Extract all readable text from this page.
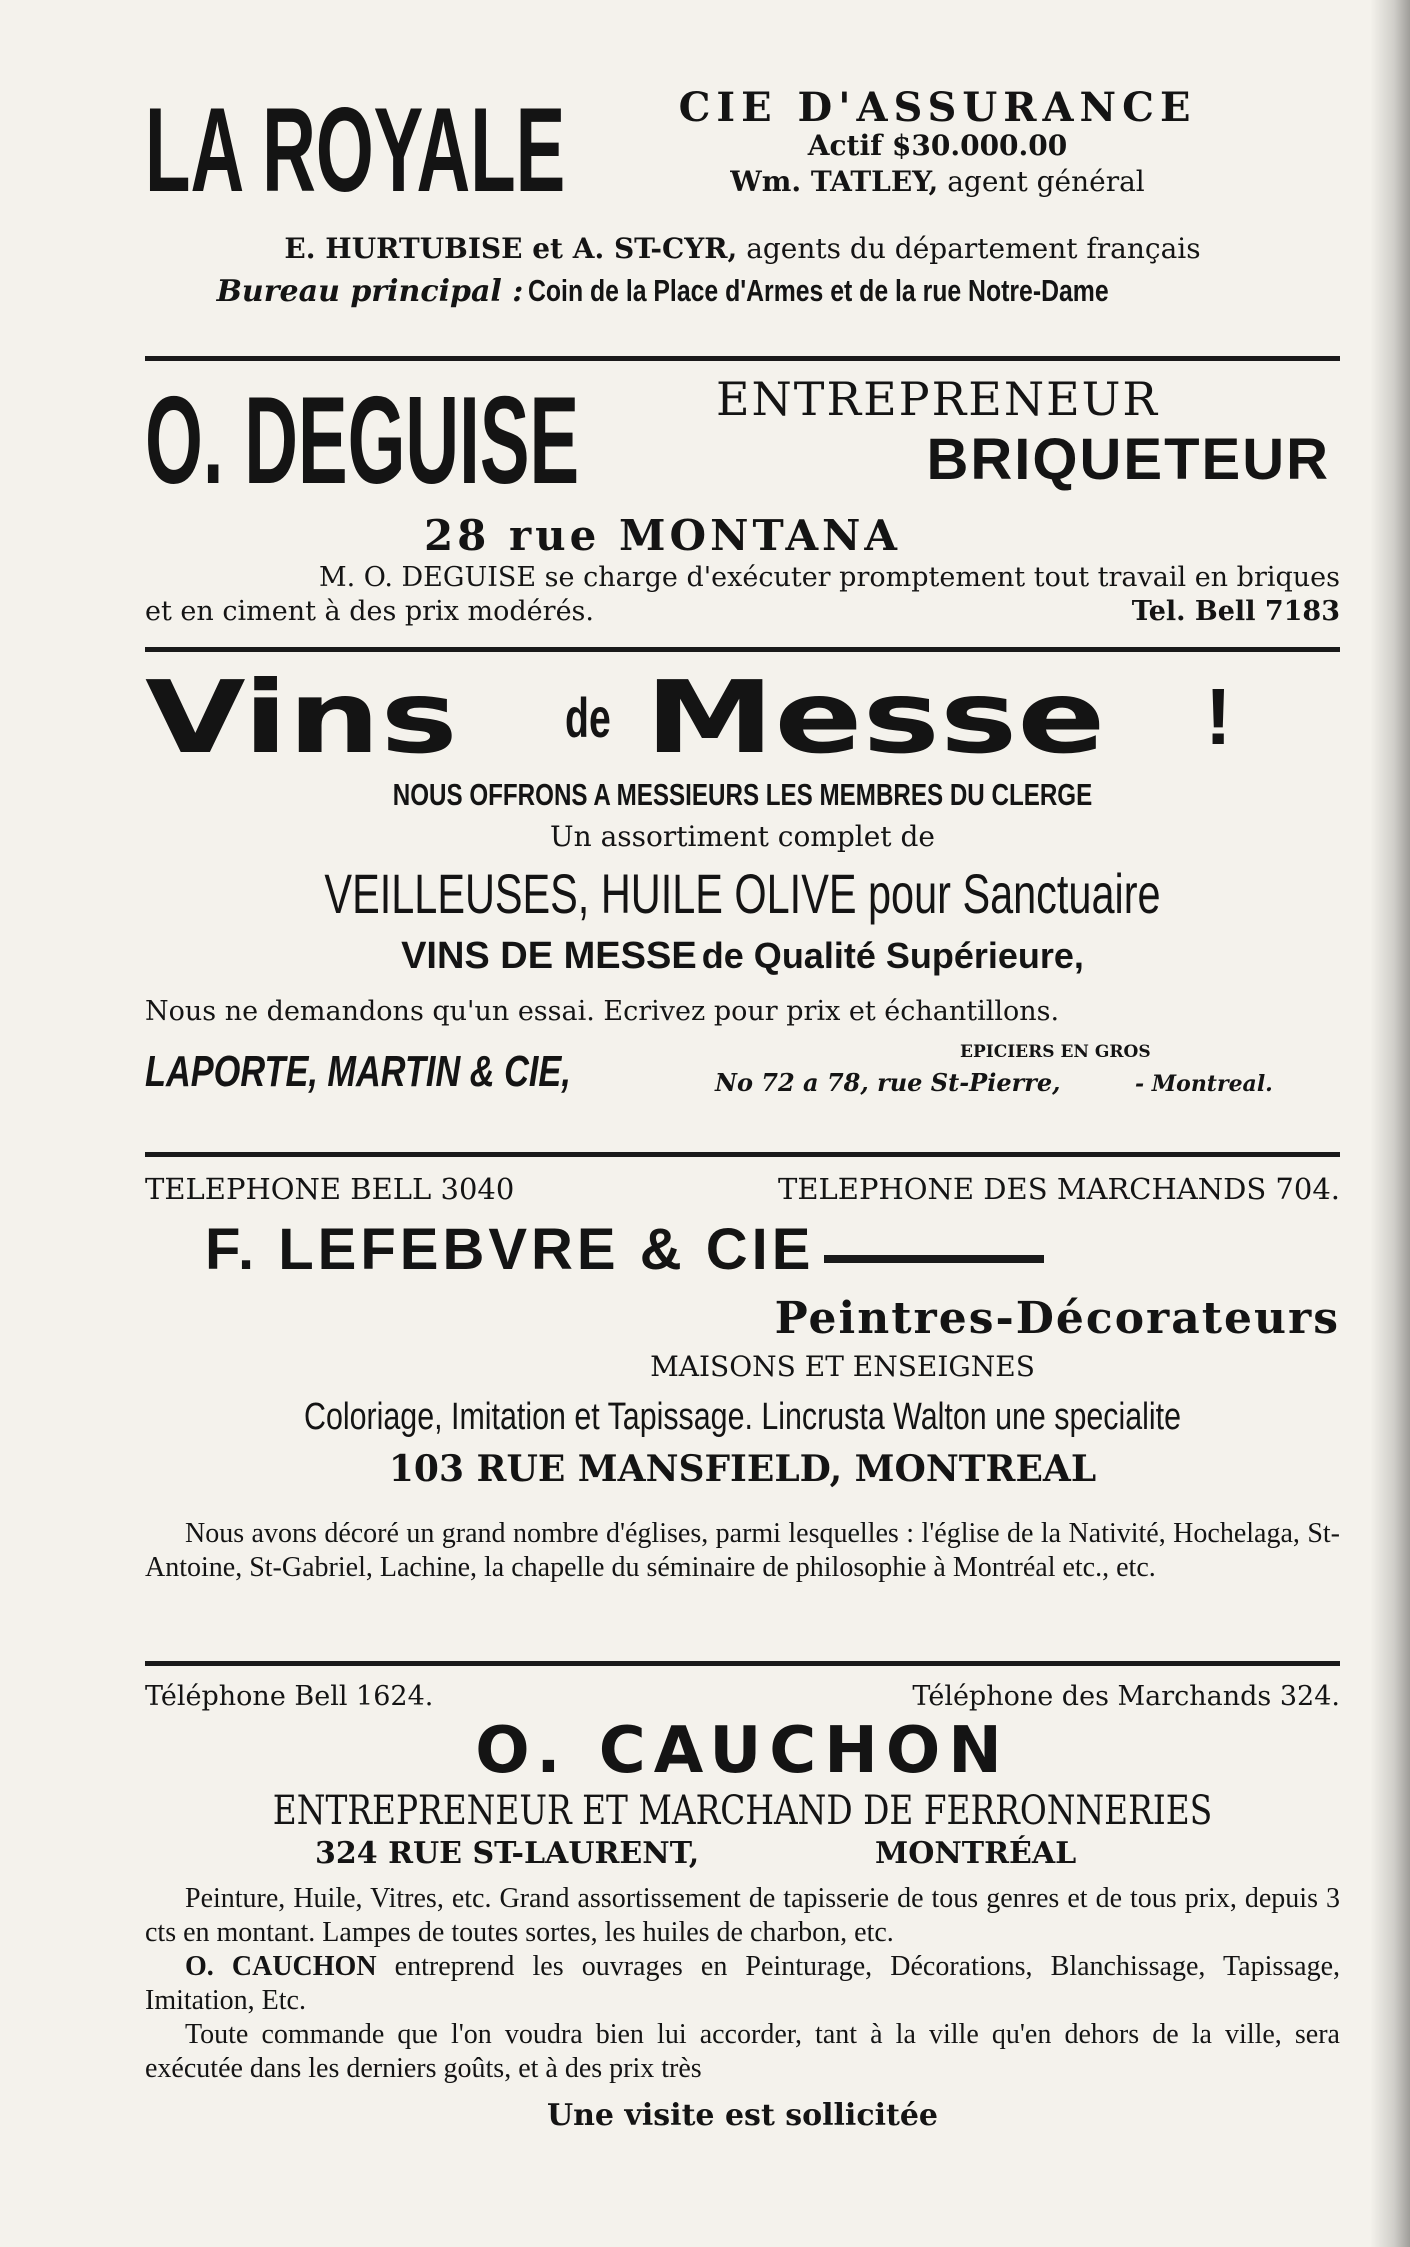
LA ROYALE	CIE D'ASSURANCE
Actif $30.000.00
Wm. TATLEY, agent général
E. HURTUBISE et A. ST-CYR, agents du département français
Bureau principal : Coin de la Place d'Armes et de la rue Notre-Dame
O. DEGUISE	ENTREPRENEUR
BRIQUETEUR
28 rue MONTANA
M. O. DEGUISE se charge d'exécuter promptement tout travail en briques
et en ciment à des prix modérés.	Tel. Bell 7183
Vins	de Messe	!
NOUS OFFRONS A MESSIEURS LES MEMBRES DU CLERGE
Un assortiment complet de
VEILLEUSES, HUILE OLIVE pour Sanctuaire
VINS DE MESSE de Qualité Supérieure,
Nous ne demandons qu'un essai. Ecrivez pour prix et échantillons.
LAPORTE, MARTIN & CIE,	EPICIERS EN GROS
No 72 a 78, rue St-Pierre,	- Montreal.
TELEPHONE BELL 3040	TELEPHONE DES MARCHANDS 704.
F. LEFEBVRE & CIE
Peintres-Décorateurs
MAISONS ET ENSEIGNES
Coloriage, Imitation et Tapissage. Lincrusta Walton une specialite
103 RUE MANSFIELD, MONTREAL
Nous avons décoré un grand nombre d'églises, parmi lesquelles : l'église de la Nativité, Hochelaga, St-Antoine, St-Gabriel, Lachine, la chapelle du séminaire de philosophie à Montréal etc., etc.
Téléphone Bell 1624.	Téléphone des Marchands 324.
O. CAUCHON
ENTREPRENEUR ET MARCHAND DE FERRONNERIES
324 RUE ST-LAURENT,	MONTRÉAL
Peinture, Huile, Vitres, etc. Grand assortissement de tapisserie de tous genres et de tous prix, depuis 3 cts en montant. Lampes de toutes sortes, les huiles de charbon, etc.
O. CAUCHON entreprend les ouvrages en Peinturage, Décorations, Blanchissage, Tapissage, Imitation, Etc.
Toute commande que l'on voudra bien lui accorder, tant à la ville qu'en dehors de la ville, sera exécutée dans les derniers goûts, et à des prix très
Une visite est sollicitée
